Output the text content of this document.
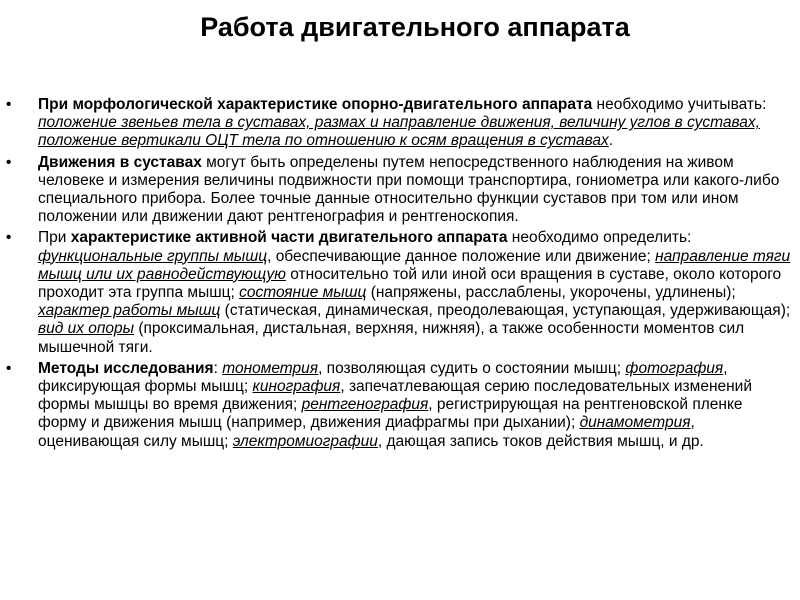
Работа двигательного аппарата
•	При морфологической характеристике опорно-двигательного аппарата необходимо учитывать: положение звеньев тела в суставах, размах и направление движения, величину углов в суставах, положение вертикали ОЦТ тела по отношению к осям вращения в суставах.
•	Движения в суставах могут быть определены путем непосредственного наблюдения на живом человеке и измерения величины подвижности при помощи транспортира, гониометра или какого-либо специального прибора. Более точные данные относительно функции суставов при том или ином положении или движении дают рентгенография и рентгеноскопия.
•	При характеристике активной части двигательного аппарата необходимо определить: функциональные группы мышц, обеспечивающие данное положение или движение; направление тяги мышц или их равнодействующую относительно той или иной оси вращения в суставе, около которого проходит эта группа мышц; состояние мышц (напряжены, расслаблены, укорочены, удлинены); характер работы мышц (статическая, динамическая, преодолевающая, уступающая, удерживающая); вид их опоры (проксимальная, дистальная, верхняя, нижняя), а также особенности моментов сил мышечной тяги.
•	Методы исследования: тонометрия, позволяющая судить о состоянии мышц; фотография, фиксирующая формы мышц; кинография, запечатлевающая серию последовательных изменений формы мышцы во время движения; рентгенография, регистрирующая на рентгеновской пленке форму и движения мышц (например, движения диафрагмы при дыхании); динамометрия, оценивающая силу мышц; электромиографии, дающая запись токов действия мышц, и др.
